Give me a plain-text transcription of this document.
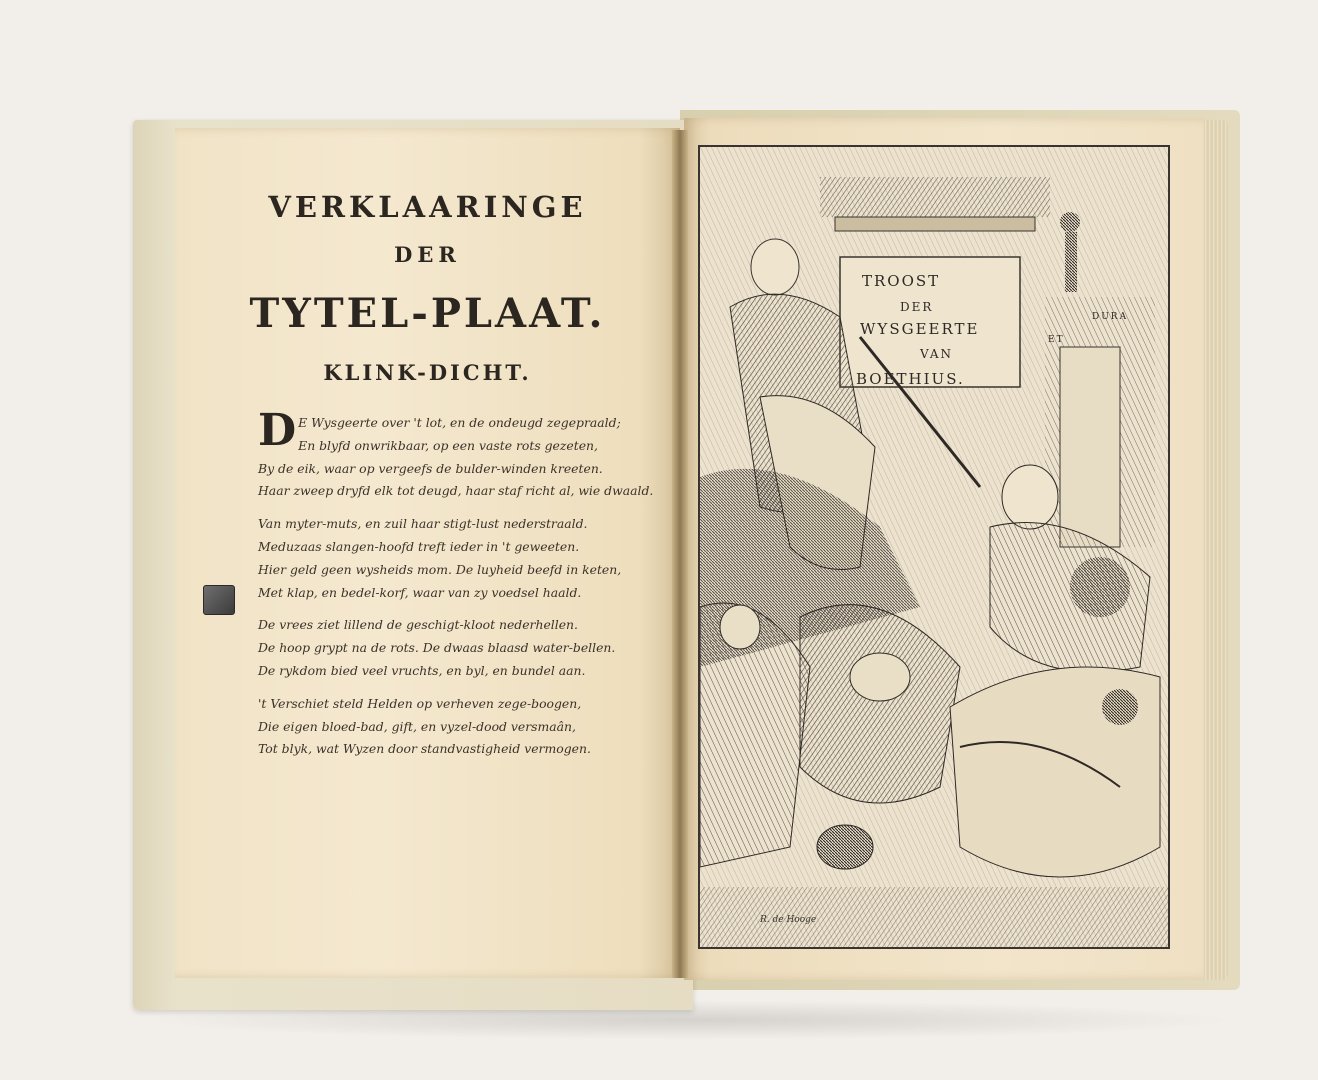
VERKLAARINGE
DER
TYTEL-PLAAT.
KLINK-DICHT.
D E Wysgeerte over 't lot, en de ondeugd zegepraald;
En blyfd onwrikbaar, op een vaste rots gezeten,
By de eik, waar op vergeefs de bulder-winden kreeten.
Haar zweep dryfd elk tot deugd, haar staf richt al, wie dwaald.
Van myter-muts, en zuil haar stigt-lust nederstraald.
Meduzaas slangen-hoofd treft ieder in 't geweeten.
Hier geld geen wysheids mom. De luyheid beefd in keten,
Met klap, en bedel-korf, waar van zy voedsel haald.
De vrees ziet lillend de geschigt-kloot nederhellen.
De hoop grypt na de rots. De dwaas blaasd water-bellen.
De rykdom bied veel vruchts, en byl, en bundel aan.
't Verschiet steld Helden op verheven zege-boogen,
Die eigen bloed-bad, gift, en vyzel-dood versmaân,
Tot blyk, wat Wyzen door standvastigheid vermogen.
TROOST
DER
WYSGEERTE
VAN
BOETHIUS.
ET
DURA
R. de Hooge
